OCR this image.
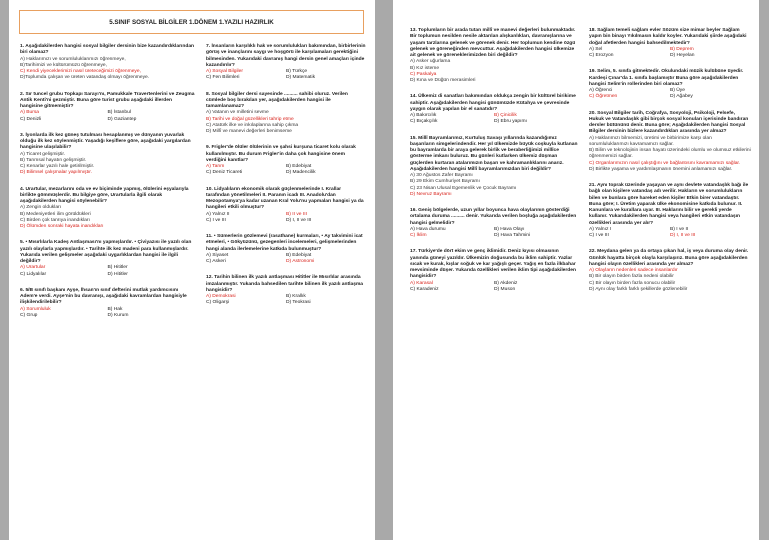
5.SINIF SOSYAL BİLGİLER 1.DÖNEM 1.YAZILI HAZIRLIK
1. Aşağıdakilerden hangisi sosyal bilgiler dersinin bize kazandırdıklarından biri olamaz?
A) Haklarımızı ve sorumluluklarımızı öğrenmeye,
B)Tarihimizi ve kültürümüzü öğrenmeye,
C) Kendi yiyeceklerimizi nasıl üreteceğimizi öğrenmeye,
D)Toplumda çalışan ve üreten vatandaş olmayı öğrenmeye.
2. Sır tuncel grubu Topkapı Sarayı'nı, Pamukkale Travertenlerini ve Zeugma Antik Kenti'ni gezmiştir. Buna göre turist grubu aşağıdaki illerden hangisine gitmemiştir?
A) Bursa	B) İstanbul
C) Denizli	D) Gaziantep
3. İyonlarda ilk kez güneş tutulması hesaplanmış ve dünyanın yuvarlak olduğu ilk kez söylenmiştir. Yaşadığı keşiflere göre, aşağıdaki yargılardan hangisine ulaşılabilir?
A) Ticaret gelişmiştir.
B) Tarımsal hayatın gelişmiştir.
C) Kenarlar yazılı hale getirilmiştir.
D) Bilimsel çalışmalar yapılmıştır.
4. Urartular, mezarlarını oda ve ev biçiminde yapmış, ölülerini eşyalarıyla birlikte gömmüşlerdir. Bu bilgiye göre, Urartularla ilgili olarak aşağıdakilerden hangisi söylenebilir?
A) Zengin oldukları
B) Medeniyetleri ilim görüldükleri
C) Birden çok tanrıya inandıkları
D) Ölümden sonraki hayata inandıkları
5. • Mısırlılarla Kadeş Antlaşması'nı yapmışlardır. • Çiviyazısı ile yazılı olan yazılı olaylarla yapmışlardır. • Tarihte ilk kez madeni para kullanmışlardır. Yukarıda verilen gelişmeler aşağıdaki uygarlıklardan hangisi ile ilgili değildir?
A) Urartular	B) Hititler
C) Lidyalılar	D) Hititler
6. 5/B sınıfı başkanı Ayşe, İhsan'ın sınıf defterini mutlak yardımcısını Adem'e verdi. Ayşe'nin bu davranışı, aşağıdaki kavramlardan hangisiyle ilişkilendirilebilir?
A) Sorumluluk	B) Hak
C) Grup	D) Kurum
7. İnsanların karşılıklı hak ve sorumlulukları bakımından, birbirlerinin görüş ve inançlarını saygı ve hoşgörü ile karşılamaları gerektiğini bilmesinden. Yukarıdaki davranış hangi dersin genel amaçları içinde kazandırılır?
A) Sosyal Bilgiler	B) Türkçe
C) Fen Bilimleri	D) Matematik
8. Sosyal bilgiler dersi sayesinde .......... sahibi oluruz. Verilen cümlede boş bırakılan yer, aşağıdakilerden hangisi ile tamamlanamaz?
A) Vatanın ve milletini sevme
B) Tarihi ve doğal güzellikleri tahrip etme
C) Atatürk ilke ve inkılaplarına sahip çıkma
D) Millî ve manevi değerleri benimseme
9. Frigler'de ölüler ölülerinin ve şahsi kurşuna ticaret kolu olarak kullanılmıştır. Bu durum Frigler'in daha çok hangisine önem verdiğini kanıtlar?
A) Tarım	B) Edebiyat
C) Deniz Ticareti	D) Madencilik
10. Lidyalıların ekonomik olarak güçlenmelerinde I. Krallar tarafından yönetilmeleri II. Paranın icadı III. Anadolu'dan Mezopotamya'ya kadar uzanan Kral Yolu'nu yapmaları hangisi ya da hangileri etkili olmuştur?
A) Yalnız II	B) II ve III
C) I ve III	D) I, II ve III
11. • Sümerlerin gözlemevi (rasathane) kurmaları, • Ay takvimini icat etmeleri, • Gökyüzünü, gezegenleri incelemeleri, gelişmelerinden hangi alanda ilerlemelerine katkıda bulunmuştur?
A) Siyaset	B) Edebiyat
C) Askeri	D) Astronomi
12. Tarihin bilinen ilk yazılı antlaşması Hititler ile Mısırlılar arasında imzalanmıştır. Yukarıda bahsedilen tarihte bilinen ilk yazılı antlaşma hangisidir?
A) Demokrasi	B) Krallık
C) Oligarşi	D) Teokrasi
13. Toplumların bir arada tutan millî ve manevi değerleri bulunmaktadır. Bir toplumun nesilden nesile aktarılan alışkanlıkları, davranışlarına ve yaşam tarzlarına gelenek ve görenek denir. Her toplumun kendine özgü gelenek ve göreneğinden mevcuttur. Aşağıdakilerden hangisi ülkemize ait gelenek ve göreneklerimizden biri değildir?
A) Asker uğurlama
B) Kız isteme
C) Paskalya
D) Kına ve Düğün merasimleri
14. Ülkemiz di sanatları bakımından oldukça zengin bir kültürel birikime sahiptir. Aşağıdakilerden hangisi günümüzde Kütahya ve çevresinde yaygın olarak yapılan bir el sanatıdır?
A) Bakırcılık	B) Çinicilik
C) Bıçakçılık	D) Ebru yapımı
15. Millî Bayramlarımız, Kurtuluş Savaşı yıllarında kazandığımız başarıların simgelerindendir. Her yıl ülkemizde büyük coşkuyla kutlanan bu bayramlarda bir araya gelerek birlik ve beraberliğimizi millîce gösterme imkanı buluruz. Bu günleri kutlarken ülkemiz düşman güçlerden kurtaran atalarımızın başarı ve kahramanlıklarını anarız. Aşağıdakilerden hangisi Millî bayramlarımızdan biri değildir?
A) 30 Ağustos Zafer Bayramı
B) 29 Ekim Cumhuriyet Bayramı
C) 23 Nisan Ulusal Egemenlik ve Çocuk Bayramı
D) Nevruz Bayramı
16. Geniş bölgelerde, uzun yıllar boyunca hava olaylarının gösterdiği ortalama duruma .......... denir. Yukarıda verilen boşluğa aşağıdakilerden hangisi gelmelidir?
A) Hava durumu	B) Hava Olayı
C) İklim	D) Hava Tahmini
17. Türkiye'de dört ekim ve genç iklimidir. Deniz kıyısı olmasının yanında güneyi yazıldır. Ülkemizin doğusunda bu iklim sahiptir. Yazlar sıcak ve kurak, kışlar soğuk ve kar yağışlı geçer. Yağış en fazla ilkbahar mevsiminde düşer. Yukarıda özellikleri verilen iklim tipi aşağıdakilerden hangisidir?
A) Karasal	B) Akdeniz
C) Karadeniz	D) Muson
18. Sağlam temeli sağlam evler Sözüm size mimar beyler Sağlam yapın bin binayı Yıkılmasın kaldır koyler. Yukarıdaki şiirde aşağıdaki doğal afetlerden hangisi bahsedilmektedir?
A) Sel	B) Deprem
C) Erozyon	D) Heyelan
19. Selim, 5. sınıfa gitmektedir. Okulundaki müzik kulübüne üyedir. Kardeşi Çınar'da 1. sınıfa başlamıştır Buna göre aşağıdakilerden hangisi Selim'in rollerinden biri olamaz?
A) Öğrenci	B) Üye
C) Öğretmen	D) Ağabey
20. Sosyal Bilgiler tarih, Coğrafya, Sosyoloji, Psikoloji, Felsefe, Hukuk ve Vatandaşlık gibi birçok sosyal konuları içerisinde bandıran dersler bütününü denir. Buna göre; Aşağıdakilerden hangisi Sosyal Bilgiler dersinin bizlere kazandırdıkları arasında yer almaz?
A) Haklarımızı bilmemizi, üretimi ve birbirimize karşı olan sorumluluklarımızı kavramamızı sağlar.
B) Bilim ve teknolojinin insan hayatı üzerindeki olumlu ve olumsuz etkilerini öğrenmemizi sağlar.
C) Organlarımızın nasıl çalıştığını ve bağlantısını kavramamızı sağlar.
D) Birlikte yaşama ve yardımlaşmanın önemini anlamamızı sağlar.
21. Aynı toprak üzerinde yaşayan ve aynı devlete vatandaşlık bağı ile bağlı olan kişilere vatandaş adı verilir. Hakların ve sorumlulukların bilen ve bunlara göre hareket eden kişiler Etkin birer vatandaştır. Buna göre; I. Üretim yaparak ülke ekonomisine katkıda bulunur. II. Kanunlara ve kurallara uyar. III. Haklarını bilir ve gerekli yerde kullanır. Yukarıdakilerden hangisi veya hangileri etkin vatandaşın özellikleri arasında yer alır?
A) Yalnız I	B) I ve II
C) I ve III	D) I, II ve III
22. Meydana gelen ya da ortaya çıkan hal, iş veya duruma olay denir. Günlük hayatta birçok olayla karşılaşırız. Buna göre aşağıdakilerden hangisi olayın özellikleri arasında yer almaz?
A) Olayların nedenleri sadece insanlardır
B) Bir olayın birden fazla nedeni olabilir
C) Bir olayın birden fazla sonucu olabilir
D) Aynı olay farklı farklı şekillerde gözlenebilir
